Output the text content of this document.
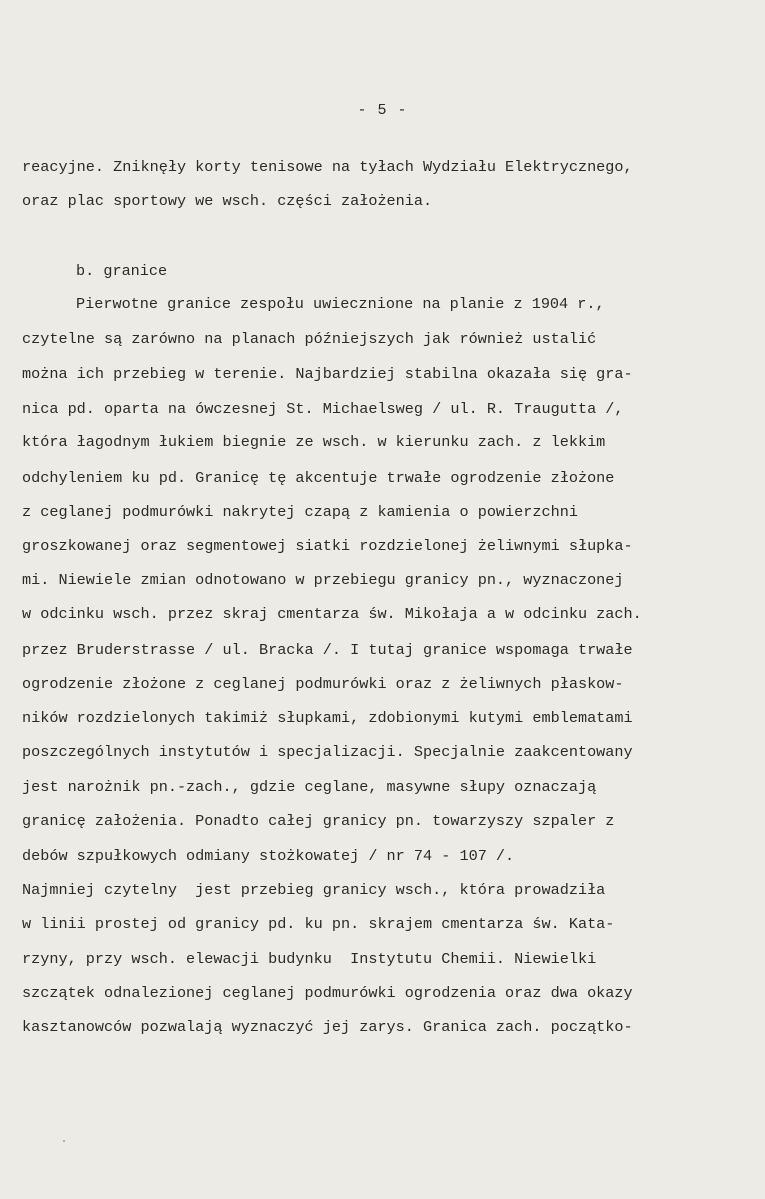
- 5 -
reacyjne. Zniknęły korty tenisowe na tyłach Wydziału Elektrycznego,
oraz plac sportowy we wsch. części założenia.
b. granice
Pierwotne granice zespołu uwiecznione na planie z 1904 r.,
czytelne są zarówno na planach późniejszych jak również ustalić
można ich przebieg w terenie. Najbardziej stabilna okazała się gra-
nica pd. oparta na ówczesnej St. Michaelsweg / ul. R. Traugutta /,
która łagodnym łukiem biegnie ze wsch. w kierunku zach. z lekkim
odchyleniem ku pd. Granicę tę akcentuje trwałe ogrodzenie złożone
z ceglanej podmurówki nakrytej czapą z kamienia o powierzchni
groszkowanej oraz segmentowej siatki rozdzielonej żeliwnymi słupka-
mi. Niewiele zmian odnotowano w przebiegu granicy pn., wyznaczonej
w odcinku wsch. przez skraj cmentarza św. Mikołaja a w odcinku zach.
przez Bruderstrasse / ul. Bracka /. I tutaj granice wspomaga trwałe
ogrodzenie złożone z ceglanej podmurówki oraz z żeliwnych płaskow-
ników rozdzielonych takimiż słupkami, zdobionymi kutymi emblematami
poszczególnych instytutów i specjalizacji. Specjalnie zaakcentowany
jest narożnik pn.-zach., gdzie ceglane, masywne słupy oznaczają
granicę założenia. Ponadto całej granicy pn. towarzyszy szpaler z
debów szpułkowych odmiany stożkowatej / nr 74 - 107 /.
Najmniej czytelny  jest przebieg granicy wsch., która prowadziła
w linii prostej od granicy pd. ku pn. skrajem cmentarza św. Kata-
rzyny, przy wsch. elewacji budynku  Instytutu Chemii. Niewielki
szczątek odnalezionej ceglanej podmurówki ogrodzenia oraz dwa okazy
kasztanowców pozwalają wyznaczyć jej zarys. Granica zach. początko-
